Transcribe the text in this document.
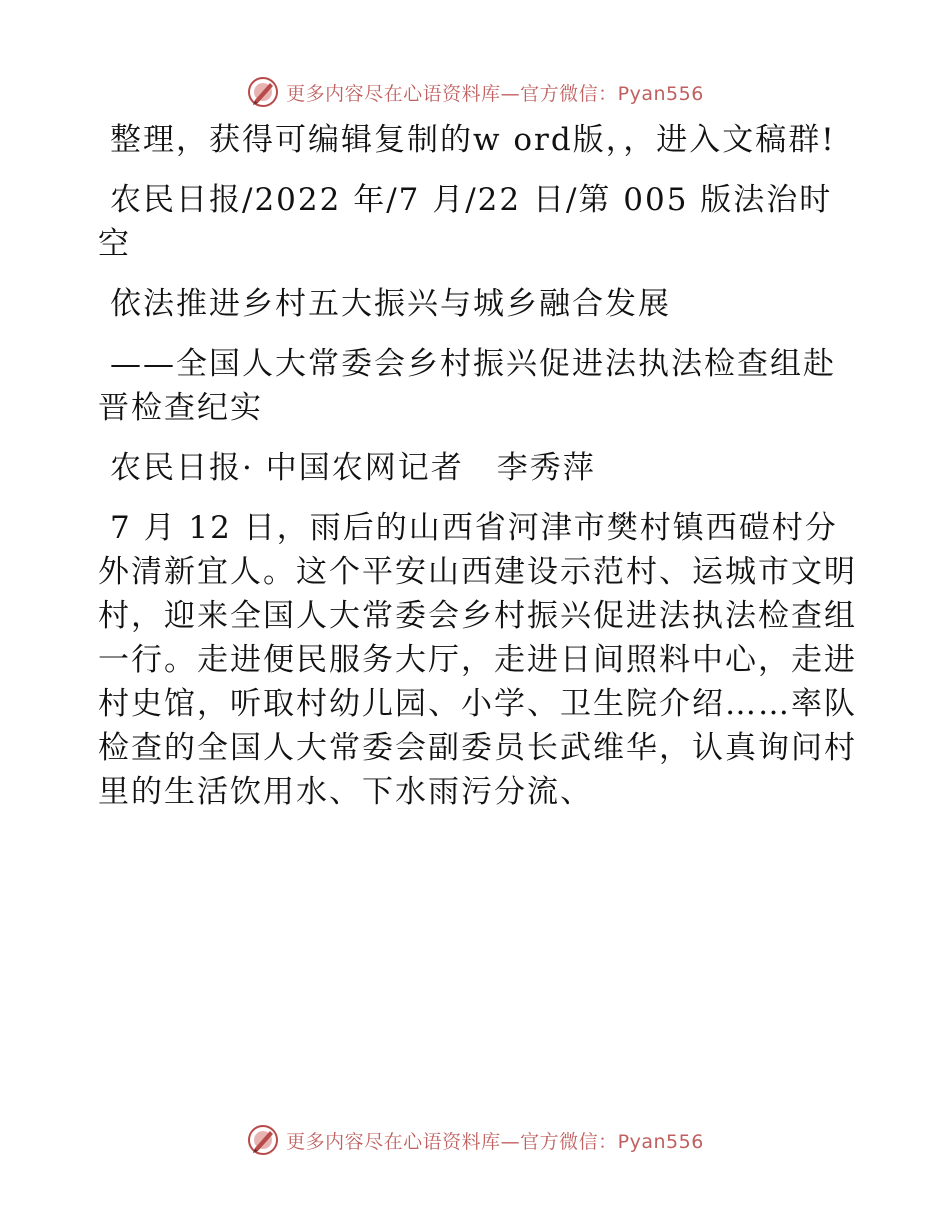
更多内容尽在心语资料库—官方微信：Pyan556

整理，获得可编辑复制的w ord版，，进入文稿群!

农民日报/2022 年/7 月/22 日/第 005 版法治时空

依法推进乡村五大振兴与城乡融合发展

——全国人大常委会乡村振兴促进法执法检查组赴晋检查纪实

农民日报· 中国农网记者　李秀萍

7 月 12 日，雨后的山西省河津市樊村镇西磑村分外清新宜人。这个平安山西建设示范村、运城市文明村，迎来全国人大常委会乡村振兴促进法执法检查组一行。走进便民服务大厅，走进日间照料中心，走进村史馆，听取村幼儿园、小学、卫生院介绍……率队检查的全国人大常委会副委员长武维华，认真询问村里的生活饮用水、下水雨污分流、

更多内容尽在心语资料库—官方微信：Pyan556
